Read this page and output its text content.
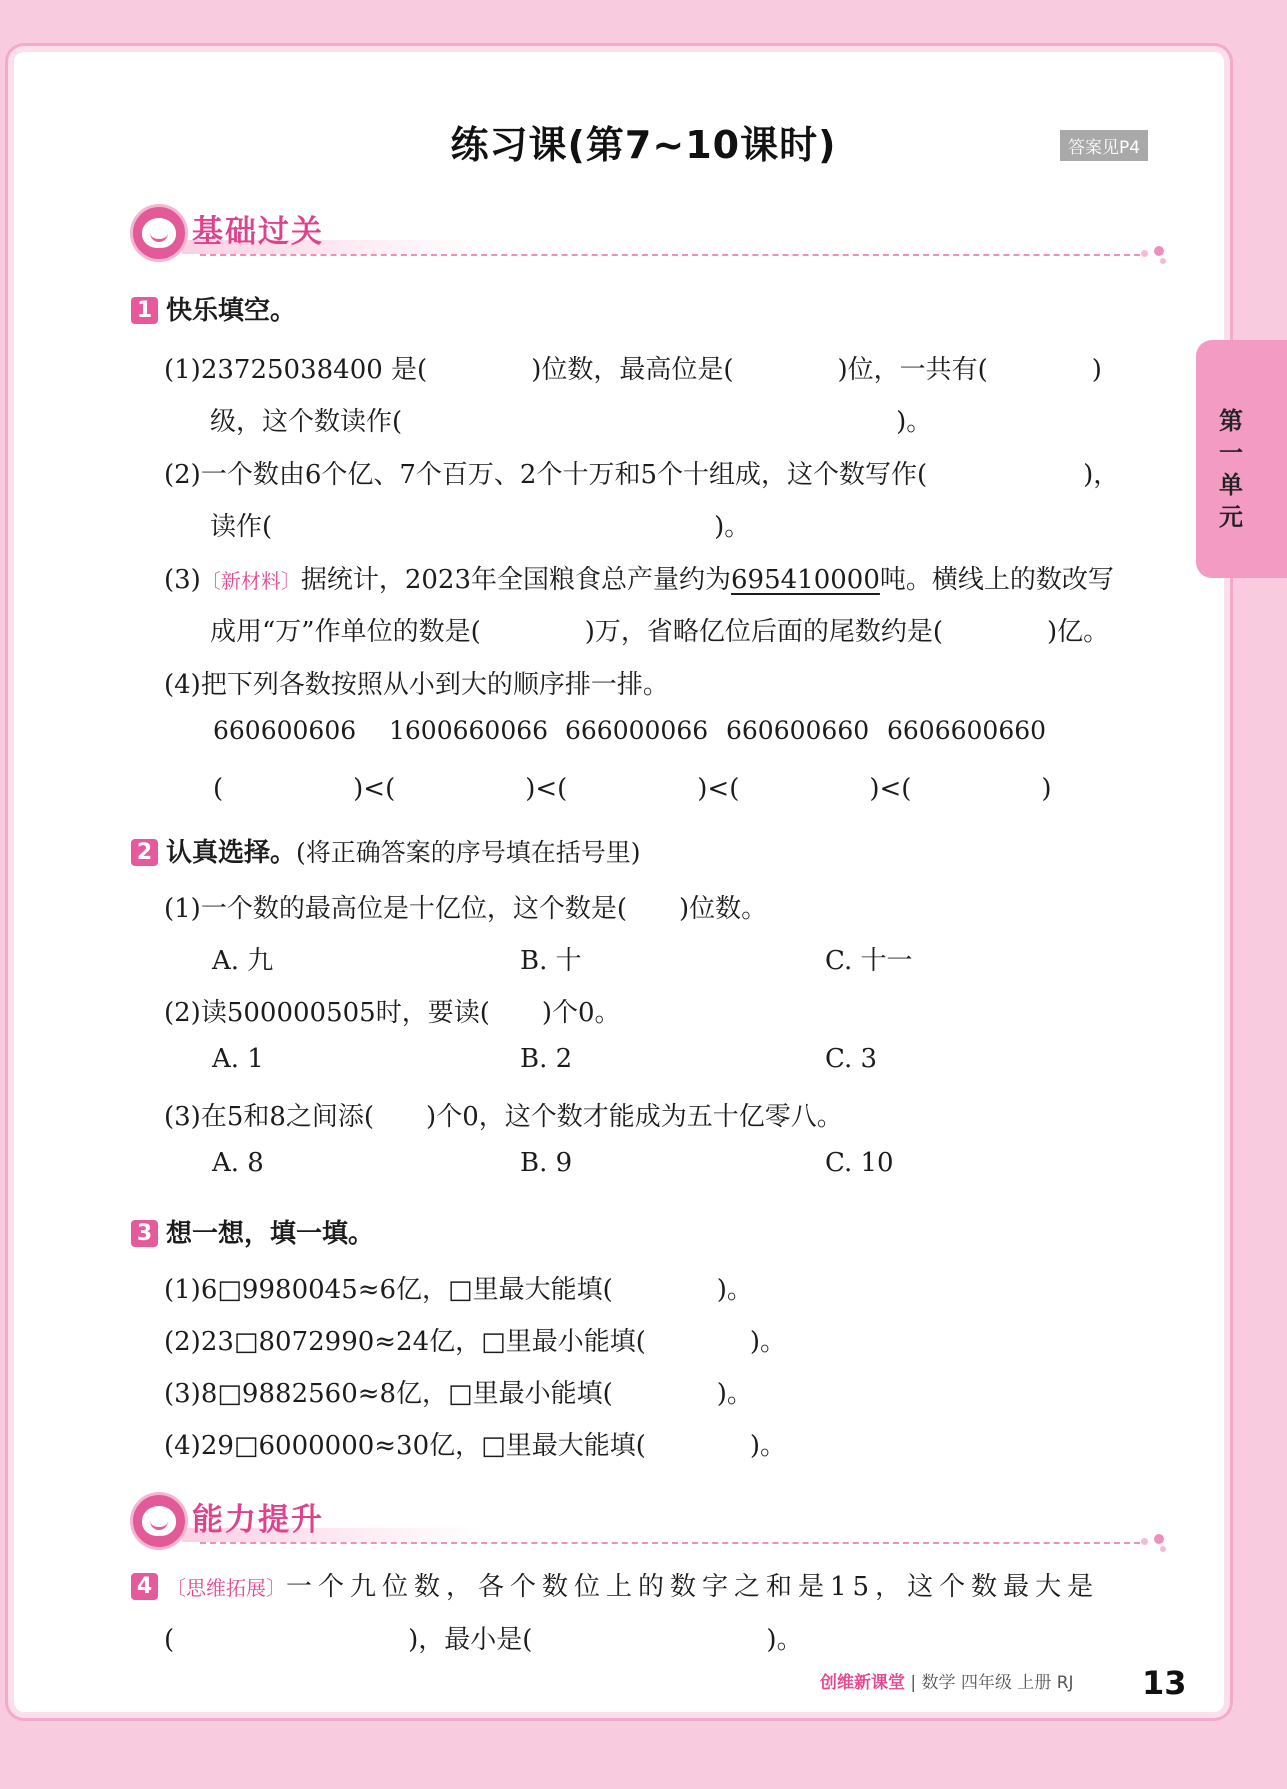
练习课(第7~10课时)	答案见P4
第一单元
基础过关
1 快乐填空。
(1)23725038400 是(　　　　)位数，最高位是(　　　　)位，一共有(　　　　)
级，这个数读作(　　　　　　　　　　　　　　　　　　　)。
(2)一个数由6个亿、7个百万、2个十万和5个十组成，这个数写作(　　　　　　)，
读作(　　　　　　　　　　　　　　　　　)。
(3)〔新材料〕据统计，2023年全国粮食总产量约为695410000吨。横线上的数改写
成用“万”作单位的数是(　　　　)万，省略亿位后面的尾数约是(　　　　)亿。
(4)把下列各数按照从小到大的顺序排一排。
660600606 1600660066 666000066 660600660 6606600660
(　　　　　)<(　　　　　)<(　　　　　)<(　　　　　)<(　　　　　)
2 认真选择。(将正确答案的序号填在括号里)
(1)一个数的最高位是十亿位，这个数是(　　)位数。
A. 九	B. 十	C. 十一
(2)读500000505时，要读(　　)个0。
A. 1	B. 2	C. 3
(3)在5和8之间添(　　)个0，这个数才能成为五十亿零八。
A. 8	B. 9	C. 10
3 想一想，填一填。
(1)6□9980045≈6亿，□里最大能填(　　　　)。
(2)23□8072990≈24亿，□里最小能填(　　　　)。
(3)8□9882560≈8亿，□里最小能填(　　　　)。
(4)29□6000000≈30亿，□里最大能填(　　　　)。
能力提升
4 〔思维拓展〕一个九位数，各个数位上的数字之和是15，这个数最大是
(　　　　　　　　　)，最小是(　　　　　　　　　)。
创维新课堂 | 数学 四年级 上册 RJ 13
